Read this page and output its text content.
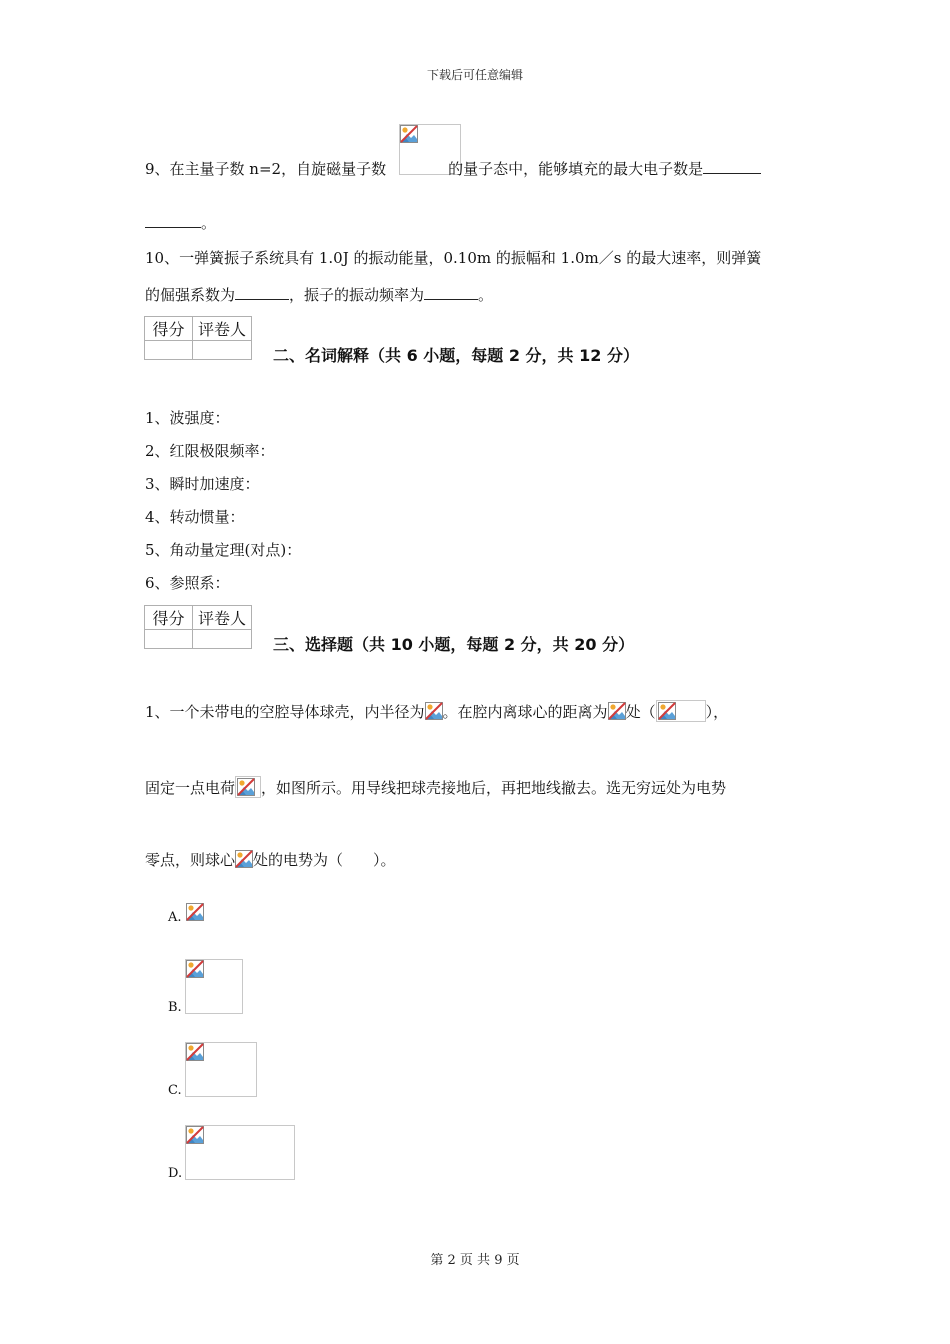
下载后可任意编辑
9、在主量子数 n=2，自旋磁量子数	的量子态中，能够填充的最大电子数是
。
10、一弹簧振子系统具有 1.0J 的振动能量，0.10m 的振幅和 1.0m／s 的最大速率，则弹簧
的倔强系数为	，振子的振动频率为	。
得分	评卷人

二、名词解释（共 6 小题，每题 2 分，共 12 分）
1、波强度：
2、红限极限频率：
3、瞬时加速度：
4、转动惯量：
5、角动量定理(对点)：
6、参照系：
得分	评卷人

三、选择题（共 10 小题，每题 2 分，共 20 分）
1、一个未带电的空腔导体球壳，内半径为 。在腔内离球心的距离为 处（	），
固定一点电荷 ，如图所示。用导线把球壳接地后，再把地线撤去。选无穷远处为电势
零点，则球心 处的电势为（　　）。
A.
B.
C.
D.
第 2 页 共 9 页
